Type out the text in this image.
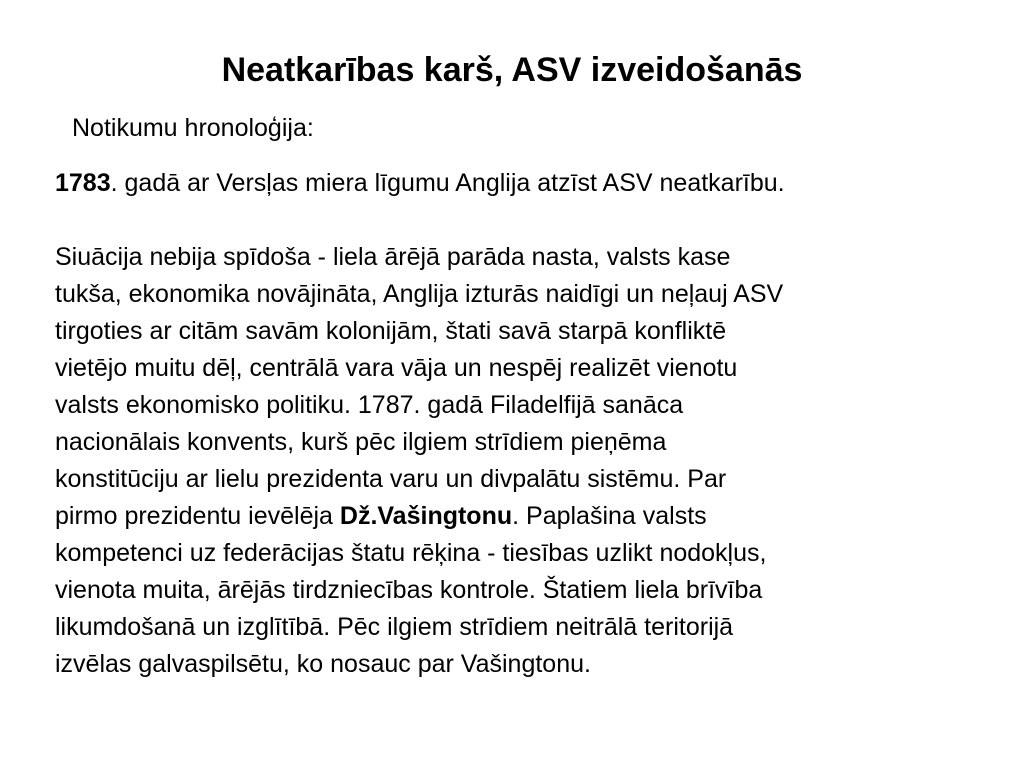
Neatkarības karš, ASV izveidošanās

Notikumu hronoloģija:

1783. gadā ar Versļas miera līgumu Anglija atzīst ASV neatkarību.

Siuācija nebija spīdoša - liela ārējā parāda nasta, valsts kase
tukša, ekonomika novājināta, Anglija izturās naidīgi un neļauj ASV
tirgoties ar citām savām kolonijām, štati savā starpā konfliktē
vietējo muitu dēļ, centrālā vara vāja un nespēj realizēt vienotu
valsts ekonomisko politiku. 1787. gadā Filadelfijā sanāca
nacionālais konvents, kurš pēc ilgiem strīdiem pieņēma
konstitūciju ar lielu prezidenta varu un divpalātu sistēmu. Par
pirmo prezidentu ievēlēja Dž.Vašingtonu. Paplašina valsts
kompetenci uz federācijas štatu rēķina - tiesības uzlikt nodokļus,
vienota muita, ārējās tirdzniecības kontrole. Štatiem liela brīvība
likumdošanā un izglītībā. Pēc ilgiem strīdiem neitrālā teritorijā
izvēlas galvaspilsētu, ko nosauc par Vašingtonu.
